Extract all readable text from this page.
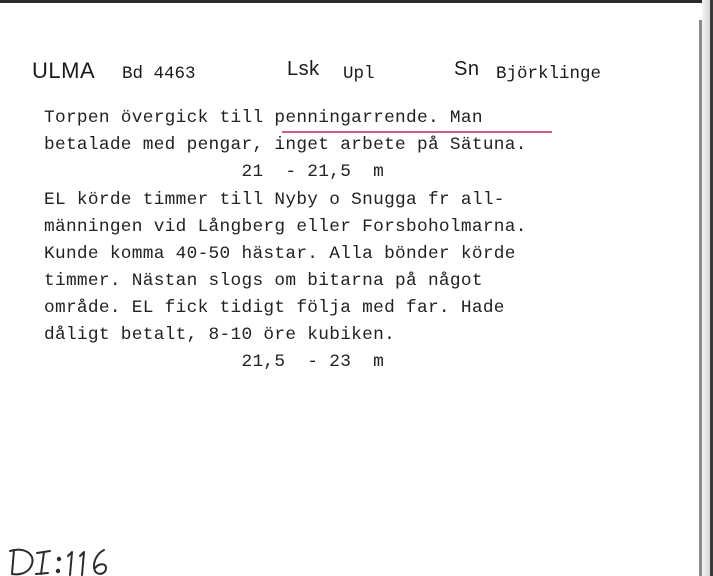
ULMA Bd 4463	Lsk Upl	Sn Björklinge
Torpen övergick till penningarrende. Man
betalade med pengar, inget arbete på Sätuna.
21  - 21,5  m
EL körde timmer till Nyby o Snugga fr all-
männingen vid Långberg eller Forsboholmarna.
Kunde komma 40-50 hästar. Alla bönder körde
timmer. Nästan slogs om bitarna på något
område. EL fick tidigt följa med far. Hade
dåligt betalt, 8-10 öre kubiken.
21,5  - 23  m
